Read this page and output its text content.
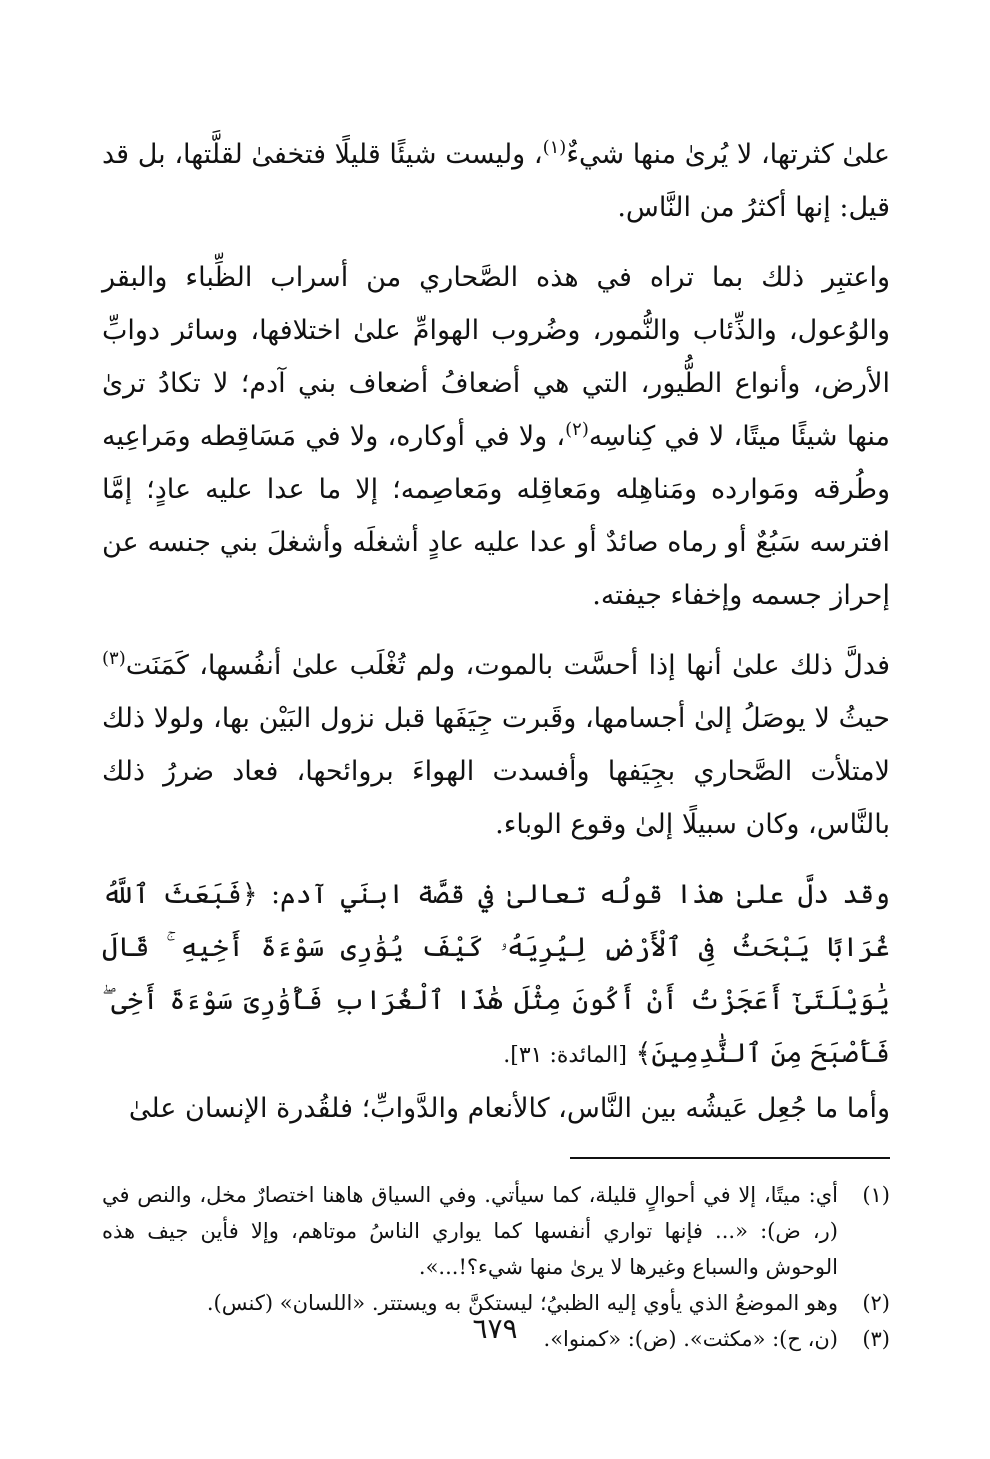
علىٰ كثرتها، لا يُرىٰ منها شيءٌ$^{(١)}$، وليست شيئًا قليلًا فتخفىٰ لقلَّتها، بل قد قيل: إنها أكثرُ من النَّاس.

واعتبِر ذلك بما تراه في هذه الصَّحاري من أسراب الظِّباء والبقر والوُعول، والذِّئاب والنُّمور، وضُروب الهوامِّ علىٰ اختلافها، وسائر دوابِّ الأرض، وأنواع الطُّيور، التي هي أضعافُ أضعاف بني آدم؛ لا تكادُ ترىٰ منها شيئًا ميتًا، لا في كِناسِه$^{(٢)}$، ولا في أوكاره، ولا في مَسَاقِطه ومَراعِيه وطُرقه ومَوارده ومَناهِله ومَعاقِله ومَعاصِمه؛ إلا ما عدا عليه عادٍ؛ إمَّا افترسه سَبُعٌ أو رماه صائدٌ أو عدا عليه عادٍ أشغلَه وأشغلَ بني جنسه عن إحراز جسمه وإخفاء جيفته.

فدلَّ ذلك علىٰ أنها إذا أحسَّت بالموت، ولم تُغْلَب علىٰ أنفُسها، كَمَنَت$^{(٣)}$ حيثُ لا يوصَلُ إلىٰ أجسامها، وقَبرت جِيَفَها قبل نزول البَيْن بها، ولولا ذلك لامتلأت الصَّحاري بجِيَفها وأفسدت الهواءَ بروائحها، فعاد ضررُ ذلك بالنَّاس، وكان سبيلًا إلىٰ وقوع الوباء.

وقد دلَّ علىٰ هذا قولُه تعالىٰ في قصَّة ابنَي آدم: ﴿فَبَعَثَ ٱللَّهُ غُرَابًا يَبْحَثُ فِى ٱلْأَرْضِ لِيُرِيَهُۥ كَيْفَ يُوَٰرِى سَوْءَةَ أَخِيهِ ۚ قَالَ يَٰوَيْلَتَىٰٓ أَعَجَزْتُ أَنْ أَكُونَ مِثْلَ هَٰذَا ٱلْغُرَابِ فَأُوَٰرِىَ سَوْءَةَ أَخِى ۖ فَأَصْبَحَ مِنَ ٱلنَّٰدِمِينَ﴾ [المائدة: ٣١].

وأما ما جُعِل عَيشُه بين النَّاس، كالأنعام والدَّوابِّ؛ فلقُدرة الإنسان علىٰ

(١)
أي: ميتًا، إلا في أحوالٍ قليلة، كما سيأتي. وفي السياق هاهنا اختصارٌ مخل، والنص في (ر، ض): «... فإنها تواري أنفسها كما يواري الناسُ موتاهم، وإلا فأين جيف هذه الوحوش والسباع وغيرها لا يرىٰ منها شيء؟!...».
(٢)
وهو الموضعُ الذي يأوي إليه الظبيُ؛ ليستكنَّ به ويستتر. «اللسان» (كنس).
(٣)
(ن، ح): «مكثت». (ض): «كمنوا».
٦٧٩
